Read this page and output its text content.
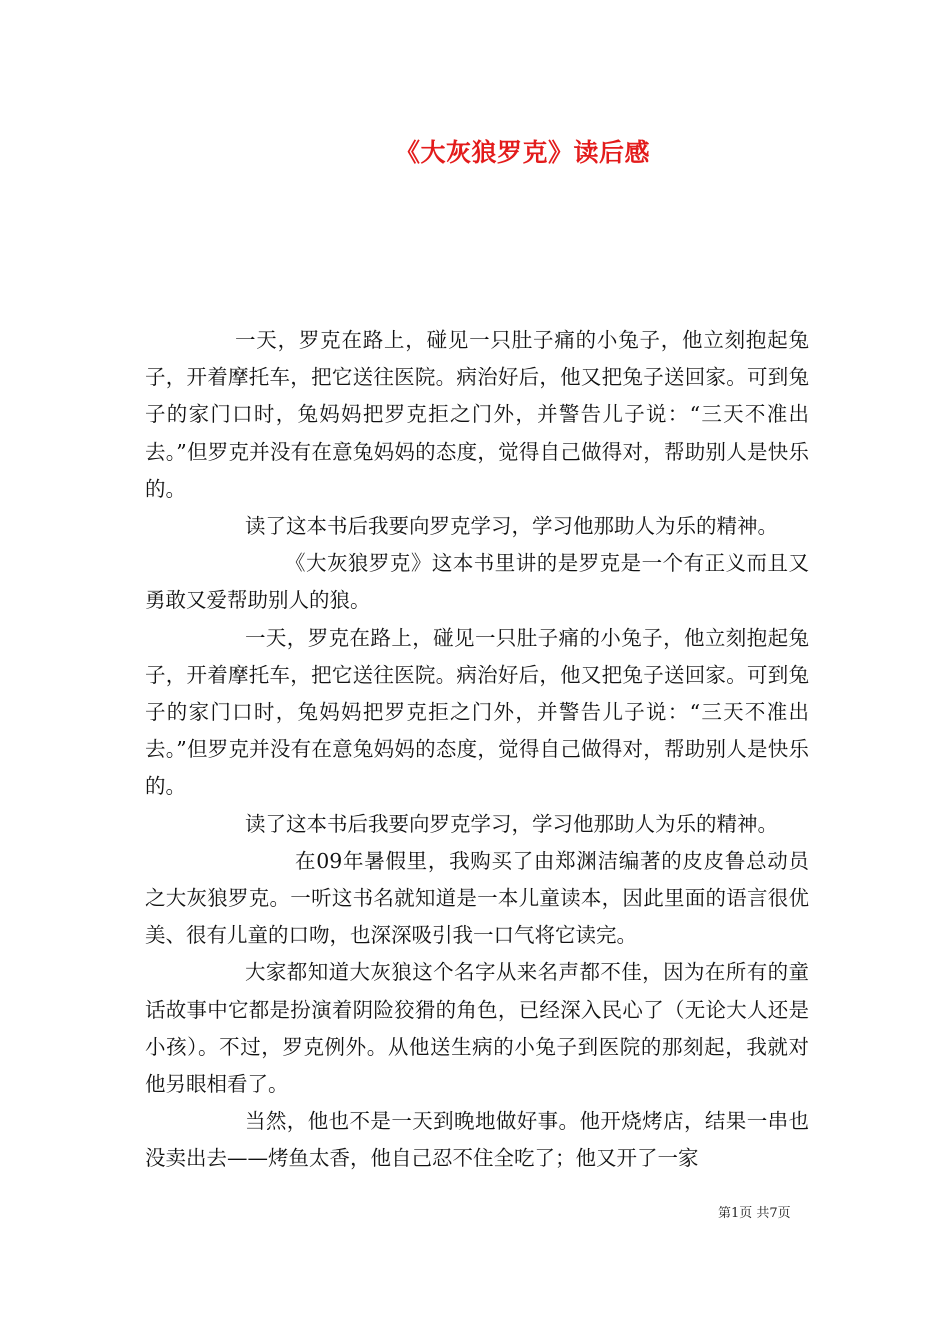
《大灰狼罗克》读后感

一天，罗克在路上，碰见一只肚子痛的小兔子，他立刻抱起兔子，开着摩托车，把它送往医院。病治好后，他又把兔子送回家。可到兔子的家门口时，兔妈妈把罗克拒之门外，并警告儿子说：“三天不准出去。”但罗克并没有在意兔妈妈的态度，觉得自己做得对，帮助别人是快乐的。

读了这本书后我要向罗克学习，学习他那助人为乐的精神。

《大灰狼罗克》这本书里讲的是罗克是一个有正义而且又勇敢又爱帮助别人的狼。

一天，罗克在路上，碰见一只肚子痛的小兔子，他立刻抱起兔子，开着摩托车，把它送往医院。病治好后，他又把兔子送回家。可到兔子的家门口时，兔妈妈把罗克拒之门外，并警告儿子说：“三天不准出去。”但罗克并没有在意兔妈妈的态度，觉得自己做得对，帮助别人是快乐的。

读了这本书后我要向罗克学习，学习他那助人为乐的精神。

在09年暑假里，我购买了由郑渊洁编著的皮皮鲁总动员之大灰狼罗克。一听这书名就知道是一本儿童读本，因此里面的语言很优美、很有儿童的口吻，也深深吸引我一口气将它读完。

大家都知道大灰狼这个名字从来名声都不佳，因为在所有的童话故事中它都是扮演着阴险狡猾的角色，已经深入民心了（无论大人还是小孩）。不过，罗克例外。从他送生病的小兔子到医院的那刻起，我就对他另眼相看了。

当然，他也不是一天到晚地做好事。他开烧烤店，结果一串也没卖出去——烤鱼太香，他自己忍不住全吃了；他又开了一家

第1页 共7页
